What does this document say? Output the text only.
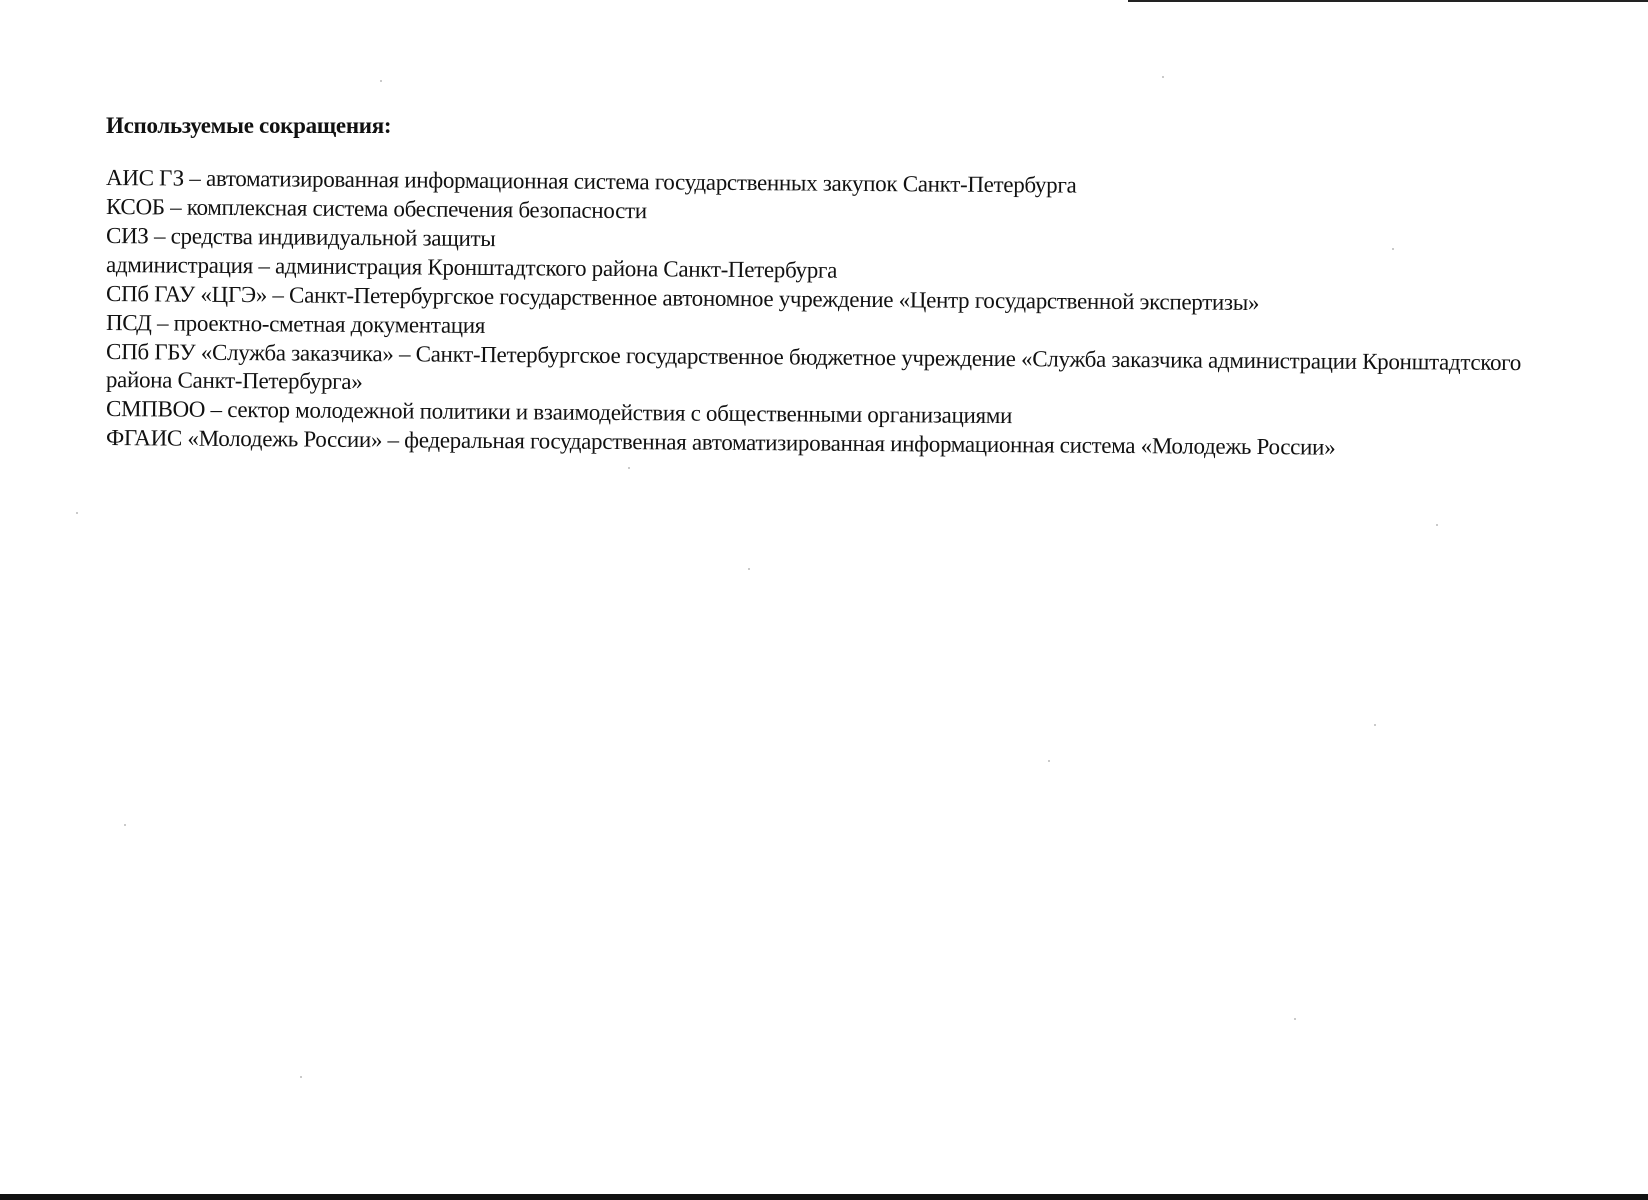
Используемые сокращения:
АИС ГЗ – автоматизированная информационная система государственных закупок Санкт-Петербурга
КСОБ – комплексная система обеспечения безопасности
СИЗ – средства индивидуальной защиты
администрация – администрация Кронштадтского района Санкт-Петербурга
СПб ГАУ «ЦГЭ» – Санкт-Петербургское государственное автономное учреждение «Центр государственной экспертизы»
ПСД – проектно-сметная документация
СПб ГБУ «Служба заказчика» – Санкт-Петербургское государственное бюджетное учреждение «Служба заказчика администрации Кронштадтского района Санкт-Петербурга»
СМПВОО – сектор молодежной политики и взаимодействия с общественными организациями
ФГАИС «Молодежь России» – федеральная государственная автоматизированная информационная система «Молодежь России»
